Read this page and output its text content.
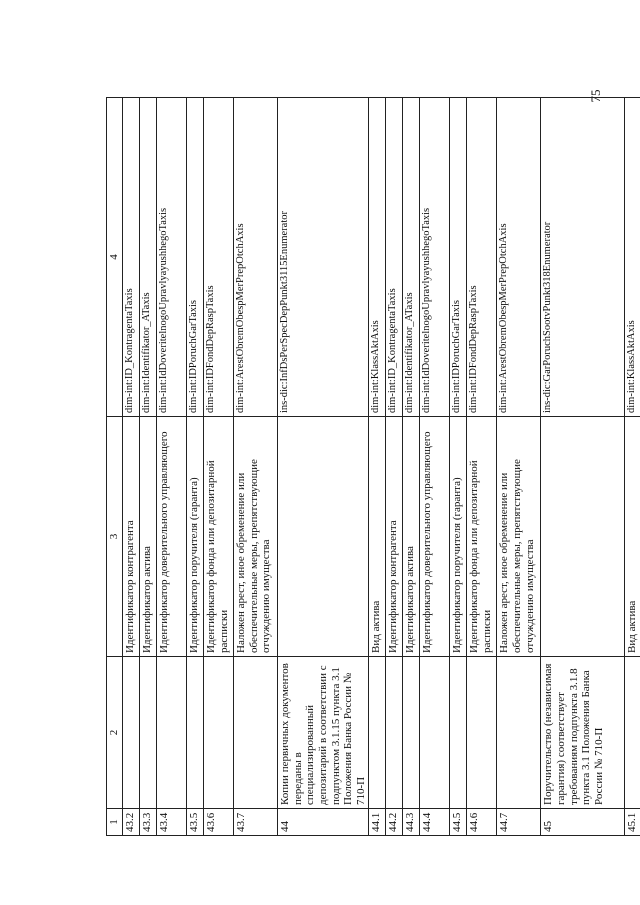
75
1	2	3	4
43.2		Идентификатор контрагента	dim-int:ID_KontragentaTaxis
43.3		Идентификатор актива	dim-int:Identifikator_ATaxis
43.4		Идентификатор доверительного управляющего	dim-int:IdDoveritelnogoUpravlyayushhegoTaxis
43.5		Идентификатор поручителя (гаранта)	dim-int:IDPoruchGarTaxis
43.6		Идентификатор фонда или депозитарной расписки	dim-int:IDFondDepRaspTaxis
43.7		Наложен арест, иное обременение или обеспечительные меры, препятствующие отчуждению имущества	dim-int:ArestObremObespMerPrepOtchAxis
44	Копии первичных документов переданы в специализированный депозитарий в соответствии с подпунктом 3.1.15 пункта 3.1 Положения Банка России № 710-П		ins-dic:InfDsPerSpecDepPunkt3115Enumerator
44.1		Вид актива	dim-int:KlassAktAxis
44.2		Идентификатор контрагента	dim-int:ID_KontragentaTaxis
44.3		Идентификатор актива	dim-int:Identifikator_ATaxis
44.4		Идентификатор доверительного управляющего	dim-int:IdDoveritelnogoUpravlyayushhegoTaxis
44.5		Идентификатор поручителя (гаранта)	dim-int:IDPoruchGarTaxis
44.6		Идентификатор фонда или депозитарной расписки	dim-int:IDFondDepRaspTaxis
44.7		Наложен арест, иное обременение или обеспечительные меры, препятствующие отчуждению имущества	dim-int:ArestObremObespMerPrepOtchAxis
45	Поручительство (независимая гарантия) соответствует требованиям подпункта 3.1.8 пункта 3.1 Положения Банка России № 710-П		ins-dic:GarPoruchSootvPunkt318Enumerator
45.1		Вид актива	dim-int:KlassAktAxis
